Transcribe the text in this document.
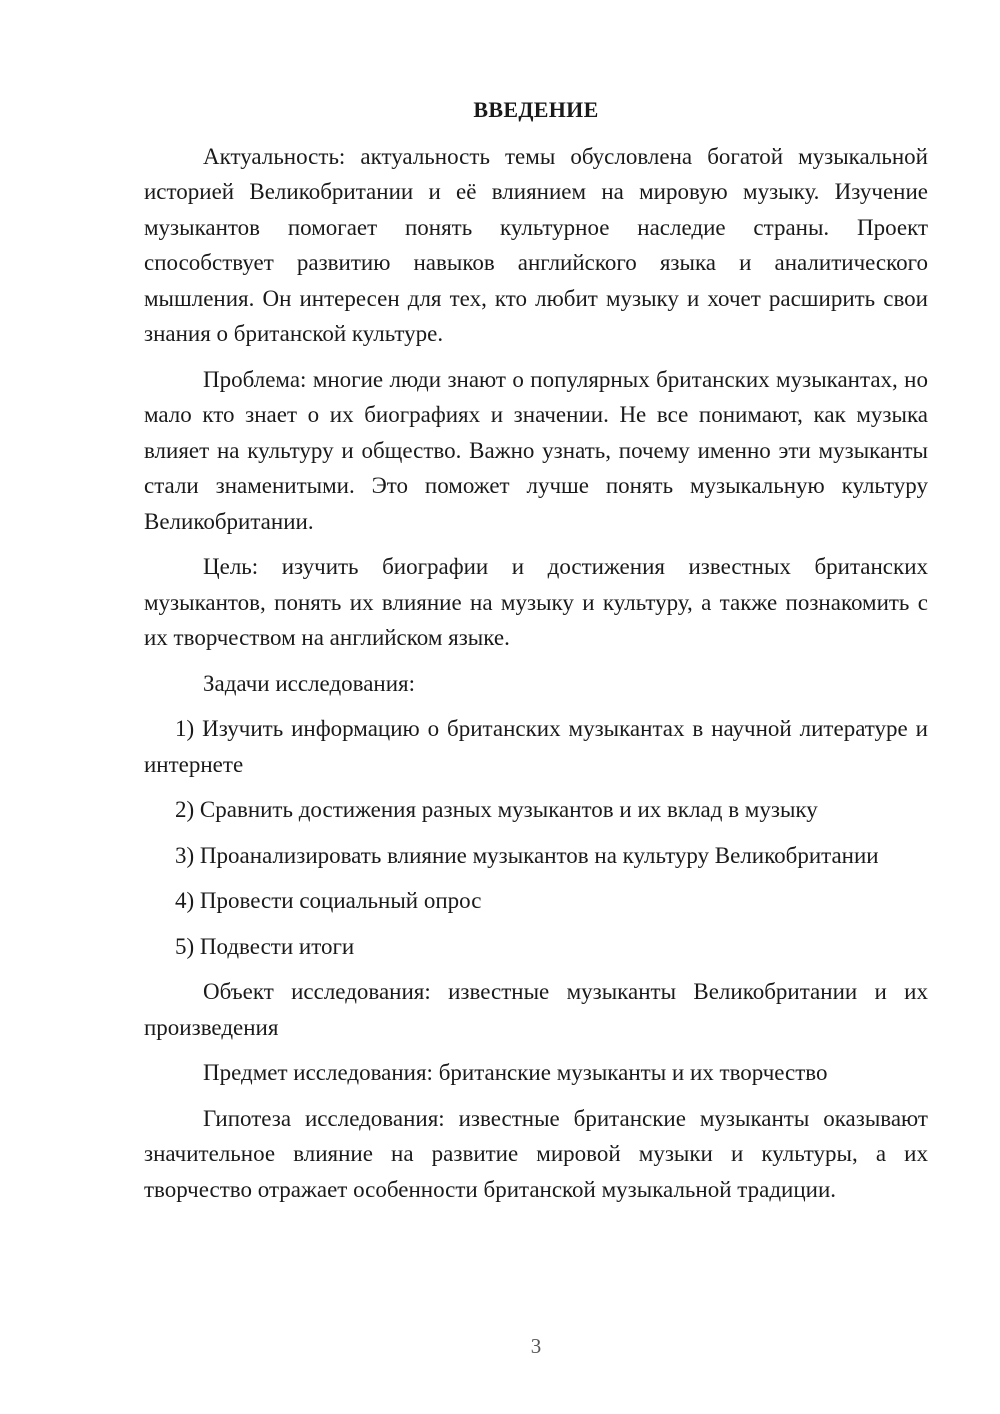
ВВЕДЕНИЕ

Актуальность: актуальность темы обусловлена богатой музыкальной историей Великобритании и её влиянием на мировую музыку. Изучение музыкантов помогает понять культурное наследие страны. Проект способствует развитию навыков английского языка и аналитического мышления. Он интересен для тех, кто любит музыку и хочет расширить свои знания о британской культуре.

Проблема: многие люди знают о популярных британских музыкантах, но мало кто знает о их биографиях и значении. Не все понимают, как музыка влияет на культуру и общество. Важно узнать, почему именно эти музыканты стали знаменитыми. Это поможет лучше понять музыкальную культуру Великобритании.

Цель: изучить биографии и достижения известных британских музыкантов, понять их влияние на музыку и культуру, а также познакомить с их творчеством на английском языке.

Задачи исследования:

1) Изучить информацию о британских музыкантах в научной литературе и интернете

2) Сравнить достижения разных музыкантов и их вклад в музыку

3) Проанализировать влияние музыкантов на культуру Великобритании

4) Провести социальный опрос

5) Подвести итоги

Объект исследования: известные музыканты Великобритании и их произведения

Предмет исследования: британские музыканты и их творчество

Гипотеза исследования: известные британские музыканты оказывают значительное влияние на развитие мировой музыки и культуры, а их творчество отражает особенности британской музыкальной традиции.

3
